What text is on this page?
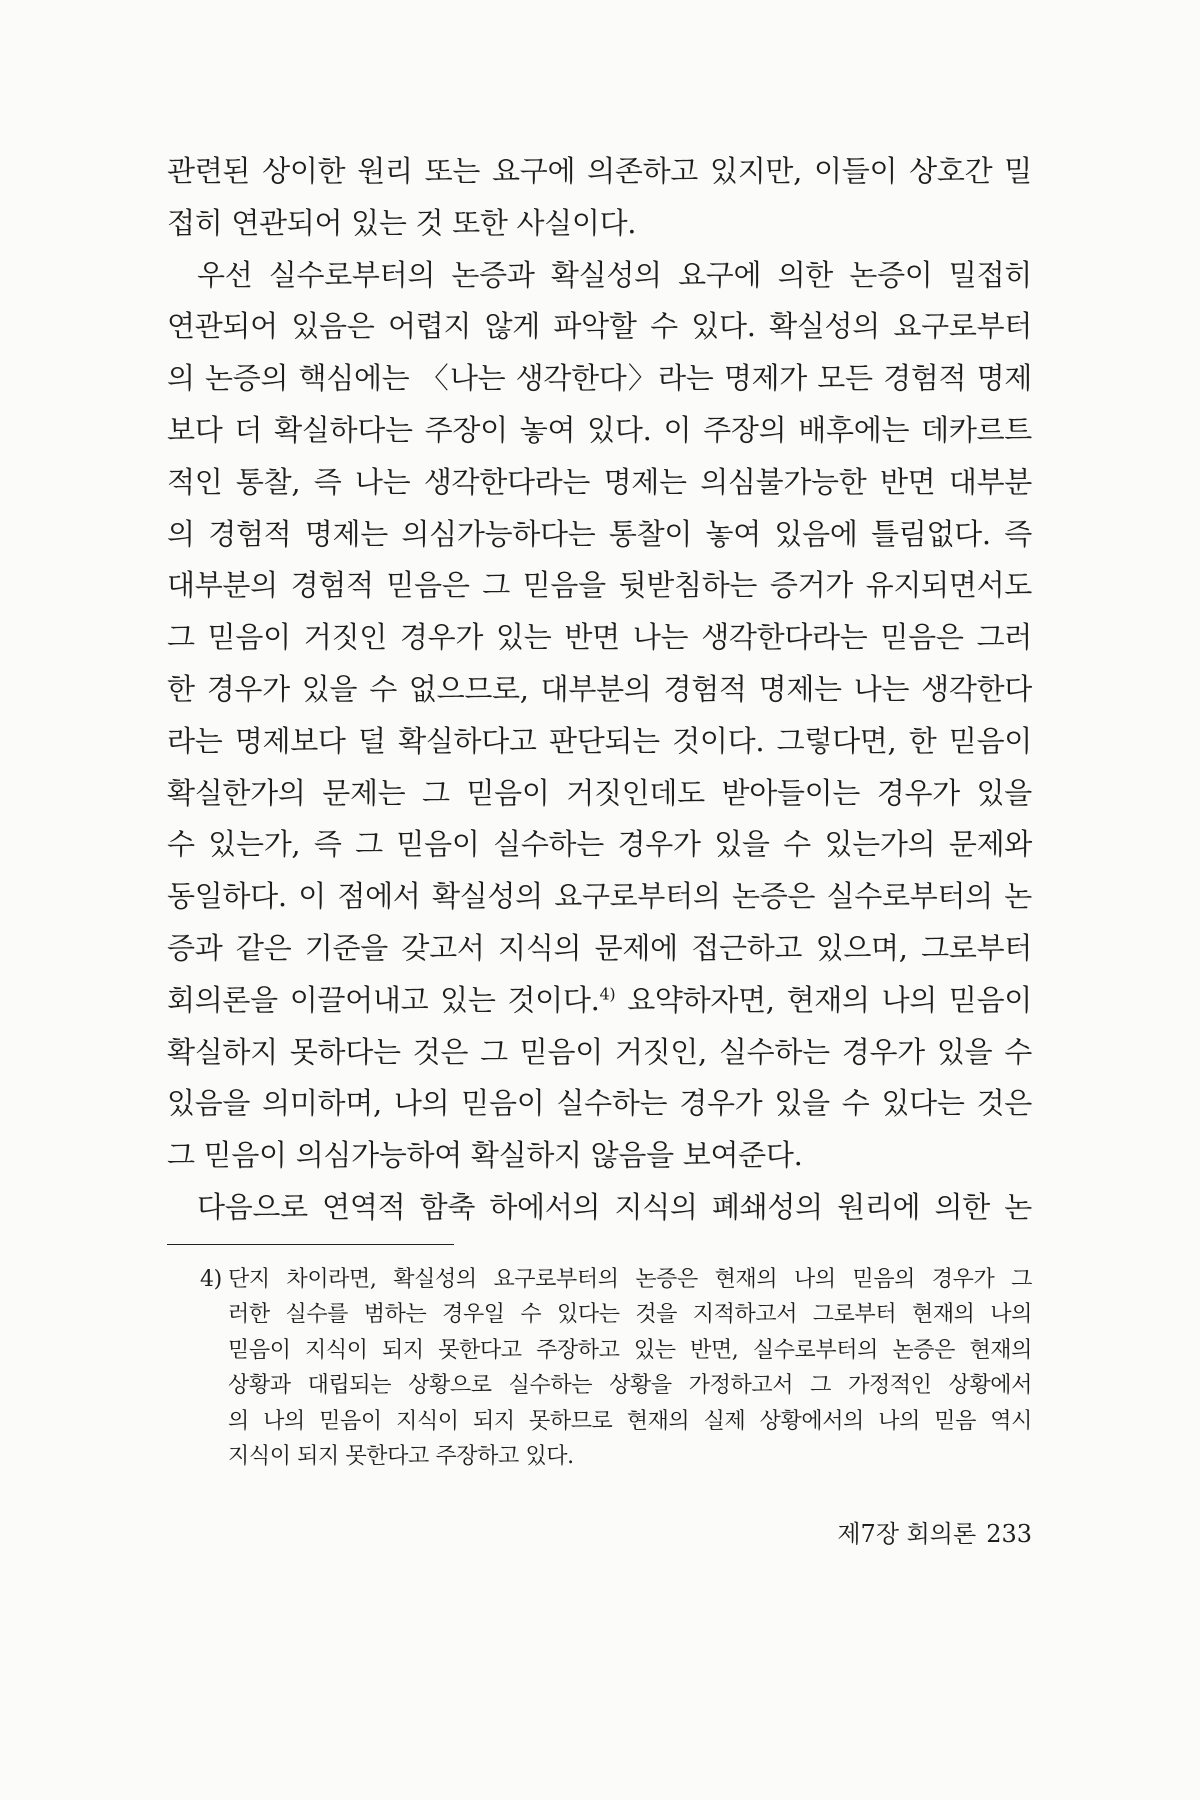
관련된 상이한 원리 또는 요구에 의존하고 있지만, 이들이 상호간 밀
접히 연관되어 있는 것 또한 사실이다.
우선 실수로부터의 논증과 확실성의 요구에 의한 논증이 밀접히
연관되어 있음은 어렵지 않게 파악할 수 있다. 확실성의 요구로부터
의 논증의 핵심에는 〈나는 생각한다〉라는 명제가 모든 경험적 명제
보다 더 확실하다는 주장이 놓여 있다. 이 주장의 배후에는 데카르트
적인 통찰, 즉 나는 생각한다라는 명제는 의심불가능한 반면 대부분
의 경험적 명제는 의심가능하다는 통찰이 놓여 있음에 틀림없다. 즉
대부분의 경험적 믿음은 그 믿음을 뒷받침하는 증거가 유지되면서도
그 믿음이 거짓인 경우가 있는 반면 나는 생각한다라는 믿음은 그러
한 경우가 있을 수 없으므로, 대부분의 경험적 명제는 나는 생각한다
라는 명제보다 덜 확실하다고 판단되는 것이다. 그렇다면, 한 믿음이
확실한가의 문제는 그 믿음이 거짓인데도 받아들이는 경우가 있을
수 있는가, 즉 그 믿음이 실수하는 경우가 있을 수 있는가의 문제와
동일하다. 이 점에서 확실성의 요구로부터의 논증은 실수로부터의 논
증과 같은 기준을 갖고서 지식의 문제에 접근하고 있으며, 그로부터
회의론을 이끌어내고 있는 것이다.$^{4)}$ 요약하자면, 현재의 나의 믿음이
확실하지 못하다는 것은 그 믿음이 거짓인, 실수하는 경우가 있을 수
있음을 의미하며, 나의 믿음이 실수하는 경우가 있을 수 있다는 것은
그 믿음이 의심가능하여 확실하지 않음을 보여준다.
다음으로 연역적 함축 하에서의 지식의 폐쇄성의 원리에 의한 논
4) 단지 차이라면, 확실성의 요구로부터의 논증은 현재의 나의 믿음의 경우가 그
러한 실수를 범하는 경우일 수 있다는 것을 지적하고서 그로부터 현재의 나의
믿음이 지식이 되지 못한다고 주장하고 있는 반면, 실수로부터의 논증은 현재의
상황과 대립되는 상황으로 실수하는 상황을 가정하고서 그 가정적인 상황에서
의 나의 믿음이 지식이 되지 못하므로 현재의 실제 상황에서의 나의 믿음 역시
지식이 되지 못한다고 주장하고 있다.
제7장 회의론 233
